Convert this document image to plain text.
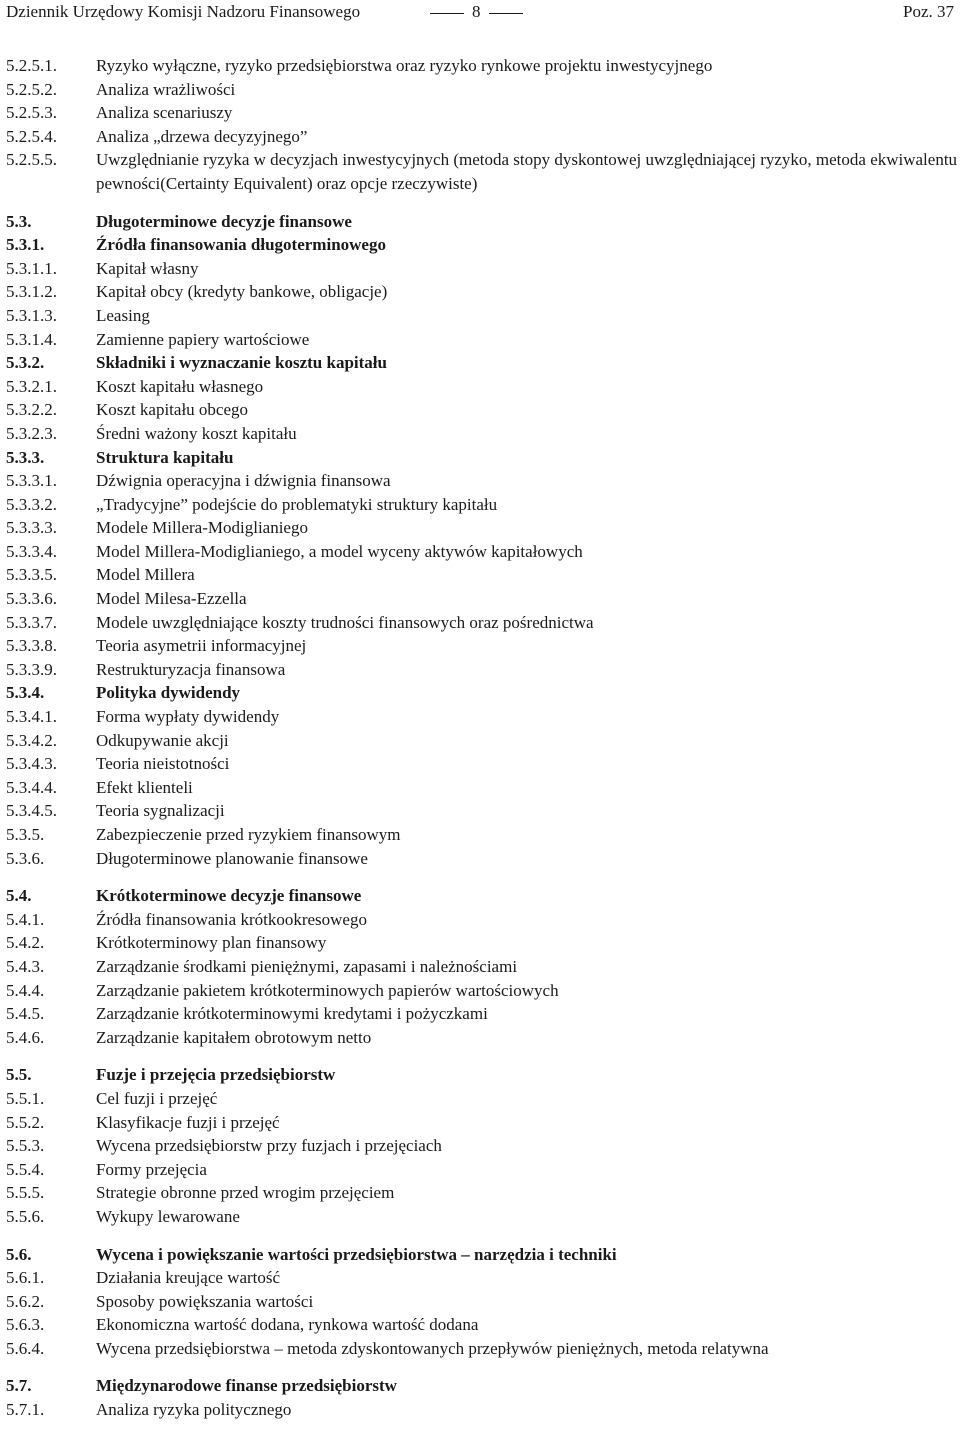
Dziennik Urzędowy Komisji Nadzoru Finansowego	8	Poz. 37
5.2.5.1. Ryzyko wyłączne, ryzyko przedsiębiorstwa oraz ryzyko rynkowe projektu inwestycyjnego
5.2.5.2. Analiza wrażliwości
5.2.5.3. Analiza scenariuszy
5.2.5.4. Analiza „drzewa decyzyjnego”
5.2.5.5. Uwzględnianie ryzyka w decyzjach inwestycyjnych (metoda stopy dyskontowej uwzględniającej ryzyko, metoda ekwiwalentu pewności(Certainty Equivalent) oraz opcje rzeczywiste)
5.3.	Długoterminowe decyzje finansowe
5.3.1.	Źródła finansowania długoterminowego
5.3.1.1. Kapitał własny
5.3.1.2. Kapitał obcy (kredyty bankowe, obligacje)
5.3.1.3. Leasing
5.3.1.4. Zamienne papiery wartościowe
5.3.2.	Składniki i wyznaczanie kosztu kapitału
5.3.2.1. Koszt kapitału własnego
5.3.2.2. Koszt kapitału obcego
5.3.2.3. Średni ważony koszt kapitału
5.3.3.	Struktura kapitału
5.3.3.1. Dźwignia operacyjna i dźwignia finansowa
5.3.3.2. „Tradycyjne” podejście do problematyki struktury kapitału
5.3.3.3. Modele Millera-Modiglianiego
5.3.3.4. Model Millera-Modiglianiego, a model wyceny aktywów kapitałowych
5.3.3.5. Model Millera
5.3.3.6. Model Milesa-Ezzella
5.3.3.7. Modele uwzględniające koszty trudności finansowych oraz pośrednictwa
5.3.3.8. Teoria asymetrii informacyjnej
5.3.3.9. Restrukturyzacja finansowa
5.3.4.	Polityka dywidendy
5.3.4.1. Forma wypłaty dywidendy
5.3.4.2. Odkupywanie akcji
5.3.4.3. Teoria nieistotności
5.3.4.4. Efekt klienteli
5.3.4.5. Teoria sygnalizacji
5.3.5.	Zabezpieczenie przed ryzykiem finansowym
5.3.6.	Długoterminowe planowanie finansowe
5.4.	Krótkoterminowe decyzje finansowe
5.4.1.	Źródła finansowania krótkookresowego
5.4.2.	Krótkoterminowy plan finansowy
5.4.3.	Zarządzanie środkami pieniężnymi, zapasami i należnościami
5.4.4.	Zarządzanie pakietem krótkoterminowych papierów wartościowych
5.4.5.	Zarządzanie krótkoterminowymi kredytami i pożyczkami
5.4.6.	Zarządzanie kapitałem obrotowym netto
5.5.	Fuzje i przejęcia przedsiębiorstw
5.5.1.	Cel fuzji i przejęć
5.5.2.	Klasyfikacje fuzji i przejęć
5.5.3.	Wycena przedsiębiorstw przy fuzjach i przejęciach
5.5.4.	Formy przejęcia
5.5.5.	Strategie obronne przed wrogim przejęciem
5.5.6.	Wykupy lewarowane
5.6.	Wycena i powiększanie wartości przedsiębiorstwa – narzędzia i techniki
5.6.1.	Działania kreujące wartość
5.6.2.	Sposoby powiększania wartości
5.6.3.	Ekonomiczna wartość dodana, rynkowa wartość dodana
5.6.4.	Wycena przedsiębiorstwa – metoda zdyskontowanych przepływów pieniężnych, metoda relatywna
5.7.	Międzynarodowe finanse przedsiębiorstw
5.7.1.	Analiza ryzyka politycznego
